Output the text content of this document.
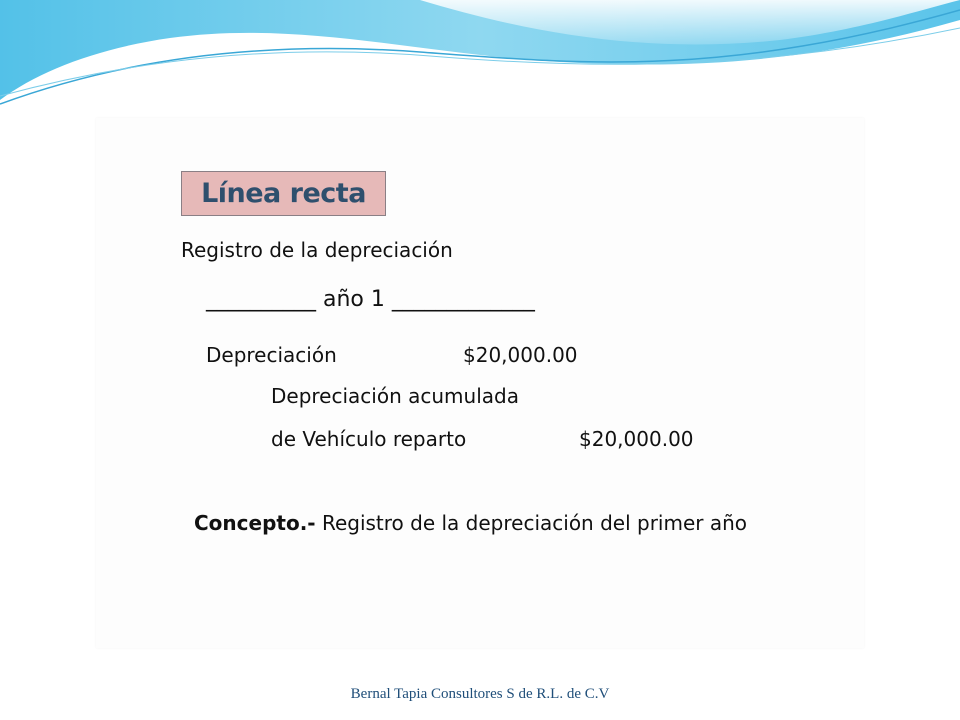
Línea recta
Registro de la depreciación
__________ año 1 _____________
Depreciación	$20,000.00
Depreciación acumulada
de Vehículo reparto	$20,000.00
Concepto.- Registro de la depreciación del primer año
Bernal Tapia Consultores S de R.L. de C.V
